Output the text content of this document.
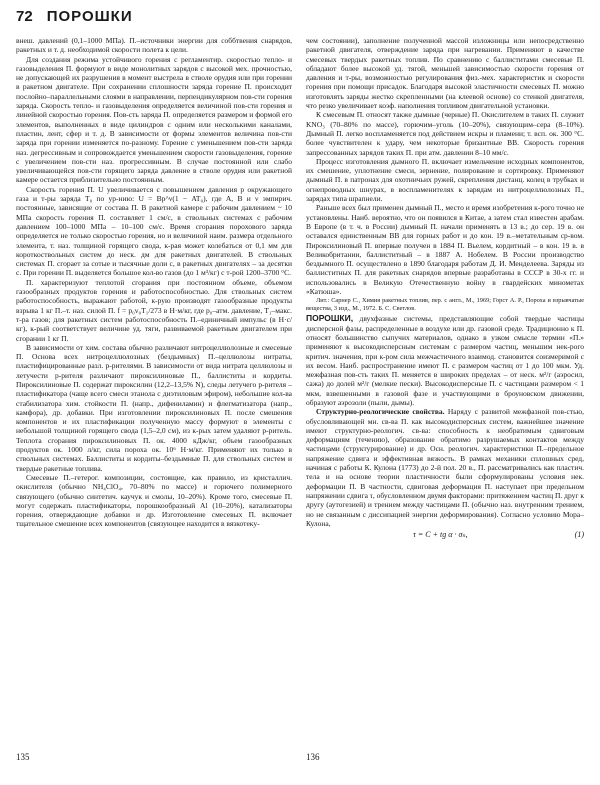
72 ПОРОШКИ

внеш. давлений (0,1–1000 МПа). П.–источники энергии для соббтвения снарядов, ракетных и т. д. необходимой скорости полета к цели.

Для создания режима устойчивого горения с регламентир. скоростью тепло- и газовыделения П. формуют в виде монолитных зарядов с высокой мех. прочностью, не допускающей их разрушения в момент выстрела в стволе орудия или при горении в ракетном двигателе. При сохранении сплошности заряда горение П. происходит послойно–параллельными слоями в направлении, перпендикулярном пов-сти горения заряда. Скорость тепло- и газовыделения определяется величиной пов-сти горения и линейной скоростью горения. Пов-сть заряда П. определяется размером и формой его элементов, выполненных в виде цилиндров с одним или несколькими каналами, пластин, лент, сфер и т. д. В зависимости от формы элементов величина пов-сти заряда при горении изменяется по-разному. Горение с уменьшением пов-сти заряда наз. дегрессивным и сопровождается уменьшением скорости газовыделения, горение с увеличением пов-сти наз. прогрессивным. В случае постоянной или слабо увеличивающейся пов-сти горящего заряда давление в стволе орудия или ракетной камере остается приблизительно постоянным.

Скорость горения П. U увеличивается с повышением давления p окружающего газа и т-ры заряда T₀ по ур-нию: U = Bp^ν(1 − AT₀), где A, B и ν эмпирич. постоянные, зависящие от состава П. В ракетной камере с рабочим давлением ~ 10 МПа скорость горения П. составляет 1 см/с, в ствольных системах с рабочим давлением 100–1000 МПа – 10–100 см/с. Время сгорания порохового заряда определяется не только скоростью горения, но и величиной наим. размера отдельного элемента, т. наз. толщиной горящего свода, к-рая может колебаться от 0,1 мм для короткоствольных систем до неск. дм для ракетных двигателей. В ствольных системах П. сгорает за сотые и тысячные доли с, в ракетных двигателях – за десятки с. При горении П. выделяется большое кол-во газов (до 1 м³/кг) с т-рой 1200–3700 °С.

П. характеризуют теплотой сгорания при постоянном объеме, объемом газообразных продуктов горения и работоспособностью. Для ствольных систем работоспособность, выражают работой, к-рую производят газообразные продукты взрыва 1 кг П.–т. наз. силой П. f = p₀v₀T₁/273 в Н·м/кг, где p₀–атм. давление, T₁–макс. т-ра газов; для ракетных систем работоспособность П.–единичный импульс (в Н·с/кг), к-рый соответствует величине уд. тяги, развиваемой ракетным двигателем при сгорании 1 кг П.

В зависимости от хим. состава обычно различают нитроцеллюлозные и смесевые П. Основа всех нитроцеллюлозных (бездымных) П.–целлюлозы нитраты, пластифицированные разл. р-рителями. В зависимости от вида нитрата целлюлозы и летучести р-рителя различают пироксилиновые П., баллиститы и кордиты. Пироксилиновые П. содержат пироксилин (12,2–13,5% N), следы летучего р-рителя – пластификатора (чаще всего смеси этанола с диэтиловым эфиром), небольшие кол-ва стабилизатора хим. стойкости П. (напр., дифениламин) и флегматизатора (напр., камфора), др. добавки. При изготовлении пироксилиновых П. после смешения компонентов и их пластификации полученную массу формуют в элементы с небольшой толщиной горящего свода (1,5–2,0 см), из к-рых затем удаляют р-ритель. Теплота сгорания пироксилиновых П. ок. 4000 кДж/кг, объем газообразных продуктов ок. 1000 л/кг, сила пороха ок. 10⁶ Н·м/кг. Применяют их только в ствольных системах. Баллиститы и кордиты–бездымные П. для ствольных систем и твердые ракетные топлива.

Смесевые П.–гетерог. композиции, состоящие, как правило, из кристаллич. окислителя (обычно NH₄ClO₄, 70–80% по массе) и горючего полимерного связующего (обычно синтетич. каучук и смолы, 10–20%). Кроме того, смесевые П. могут содержать пластификаторы, порошкообразный Al (10–20%), катализаторы горения, отверждающие добавки и др. Изготовление смесевых П. включает тщательное смешение всех компонентов (связующее находится в вязкотеку-

чем состоянии), заполнение полученной массой изложницы или непосредственно ракетной двигателя, отверждение заряда при нагревании. Применяют в качестве смесевых твердых ракетных топлив. По сравнению с баллиститами смесевые П. обладают более высокой уд. тягой, меньшей зависимостью скорости горения от давления и т-ры, возможностью регулирования физ.-мех. характеристик и скорости горения при помощи присадок. Благодаря высокой эластичности смесевых П. можно изготовлять заряды жестко скрепленными (на клеевой основе) со стенкой двигателя, что резко увеличивает коэф. наполнения топливом двигательной установки.

К смесевым П. относят также дымные (черные) П. Окислителем в таких П. служит KNO₃ (70–80% по массе), горючим–уголь (10–20%), связующим–сера (8–10%). Дымный П. легко воспламеняется под действием искры и пламени; т. всп. ок. 300 °С. более чувствителен к удару, чем некоторые бризантные ВВ. Скорость горения запрессованных зарядов таких П. при атм. давлении 8–10 мм/с.

Процесс изготовления дымного П. включает измельчение исходных компонентов, их смешение, уплотнение смеси, зернение, полирование и сортировку. Применяют дымный П. в патронах для охотничьих ружей, скрепления дистанц. колец в трубках и огнепроводных шнурах, в воспламенителях к зарядам из нитроцеллюлозных П., зарядах типа шрапнели.

Раньше всех был применен дымный П., место и время изобретения к-рого точно не установлены. Наиб. вероятно, что он появился в Китае, а затем стал известен арабам. В Европе (в т. ч. в России) дымный П. начали применять в 13 в.; до сер. 19 в. он оставался единственным ВВ для горных работ и до кон. 19 в.–метательным ср-вом. Пироксилиновый П. впервые получен в 1884 П. Вьелем, кордитный – в кон. 19 в. в Великобритании, баллиститный – в 1887 А. Нобелем. В России производство бездымного П. осуществлено в 1890 благодаря работам Д. И. Менделеева. Заряды из баллиститных П. для ракетных снарядов впервые разработаны в СССР в 30-х гг. и использовались в Великую Отечественную войну в гвардейских минометах «Катюша».

Лит.: Сарнер С., Химия ракетных топлив, пер. с англ., М., 1969; Горст А. Р., Пороха и взрывчатые вещества, 3 изд., М., 1972. Б. С. Светлов.

ПОРОШКИ, двухфазные системы, представляющие собой твердые частицы дисперсной фазы, распределенные в воздухе или др. газовой среде. Традиционно к П. относят большинство сыпучих материалов, однако в узком смысле термин «П.» применяют к высокодисперсным системам с размером частиц, меньшим нек-рого критич. значения, при к-ром сила межчастичного взаимод. становится соизмеримой с их весом. Наиб. распространение имеют П. с размером частиц от 1 до 100 мкм. Уд. межфазная пов-сть таких П. меняется в широких пределах – от неск. м²/г (аэросил, сажа) до долей м²/г (мелкие пески). Высокодисперсные П. с частицами размером < 1 мкм, взвешенными в газовой фазе и участвующими в броуновском движении, образуют аэрозоли (пыли, дымы).

Структурно-реологические свойства. Наряду с развитой межфазной пов-стью, обусловливающей мн. св-ва П. как высокодисперсных систем, важнейшее значение имеют структурно-реологич. св-ва: способность к необратимым сдвиговым деформациям (течению), образование обратимо разрушаемых контактов между частицами (структурирование) и др. Осн. реологич. характеристики П.–предельное напряжение сдвига и эффективная вязкость. В рамках механики сплошных сред, начиная с работы К. Кулона (1773) до 2-й пол. 20 в., П. рассматривались как пластич. тела и на основе теории пластичности были сформулированы условия нек. деформации П. В частности, сдвиговая деформация П. наступает при предельном напряжении сдвига τ, обусловленном двумя факторами: притяжением частиц П. друг к другу (аутогезией) и трением между частицами П. (обычно наз. внутренним трением, но не связанным с диссипацией энергии деформирования). Согласно условию Мора–Кулона,

τ = C + tg α · σₙ,	(1)
135	136
